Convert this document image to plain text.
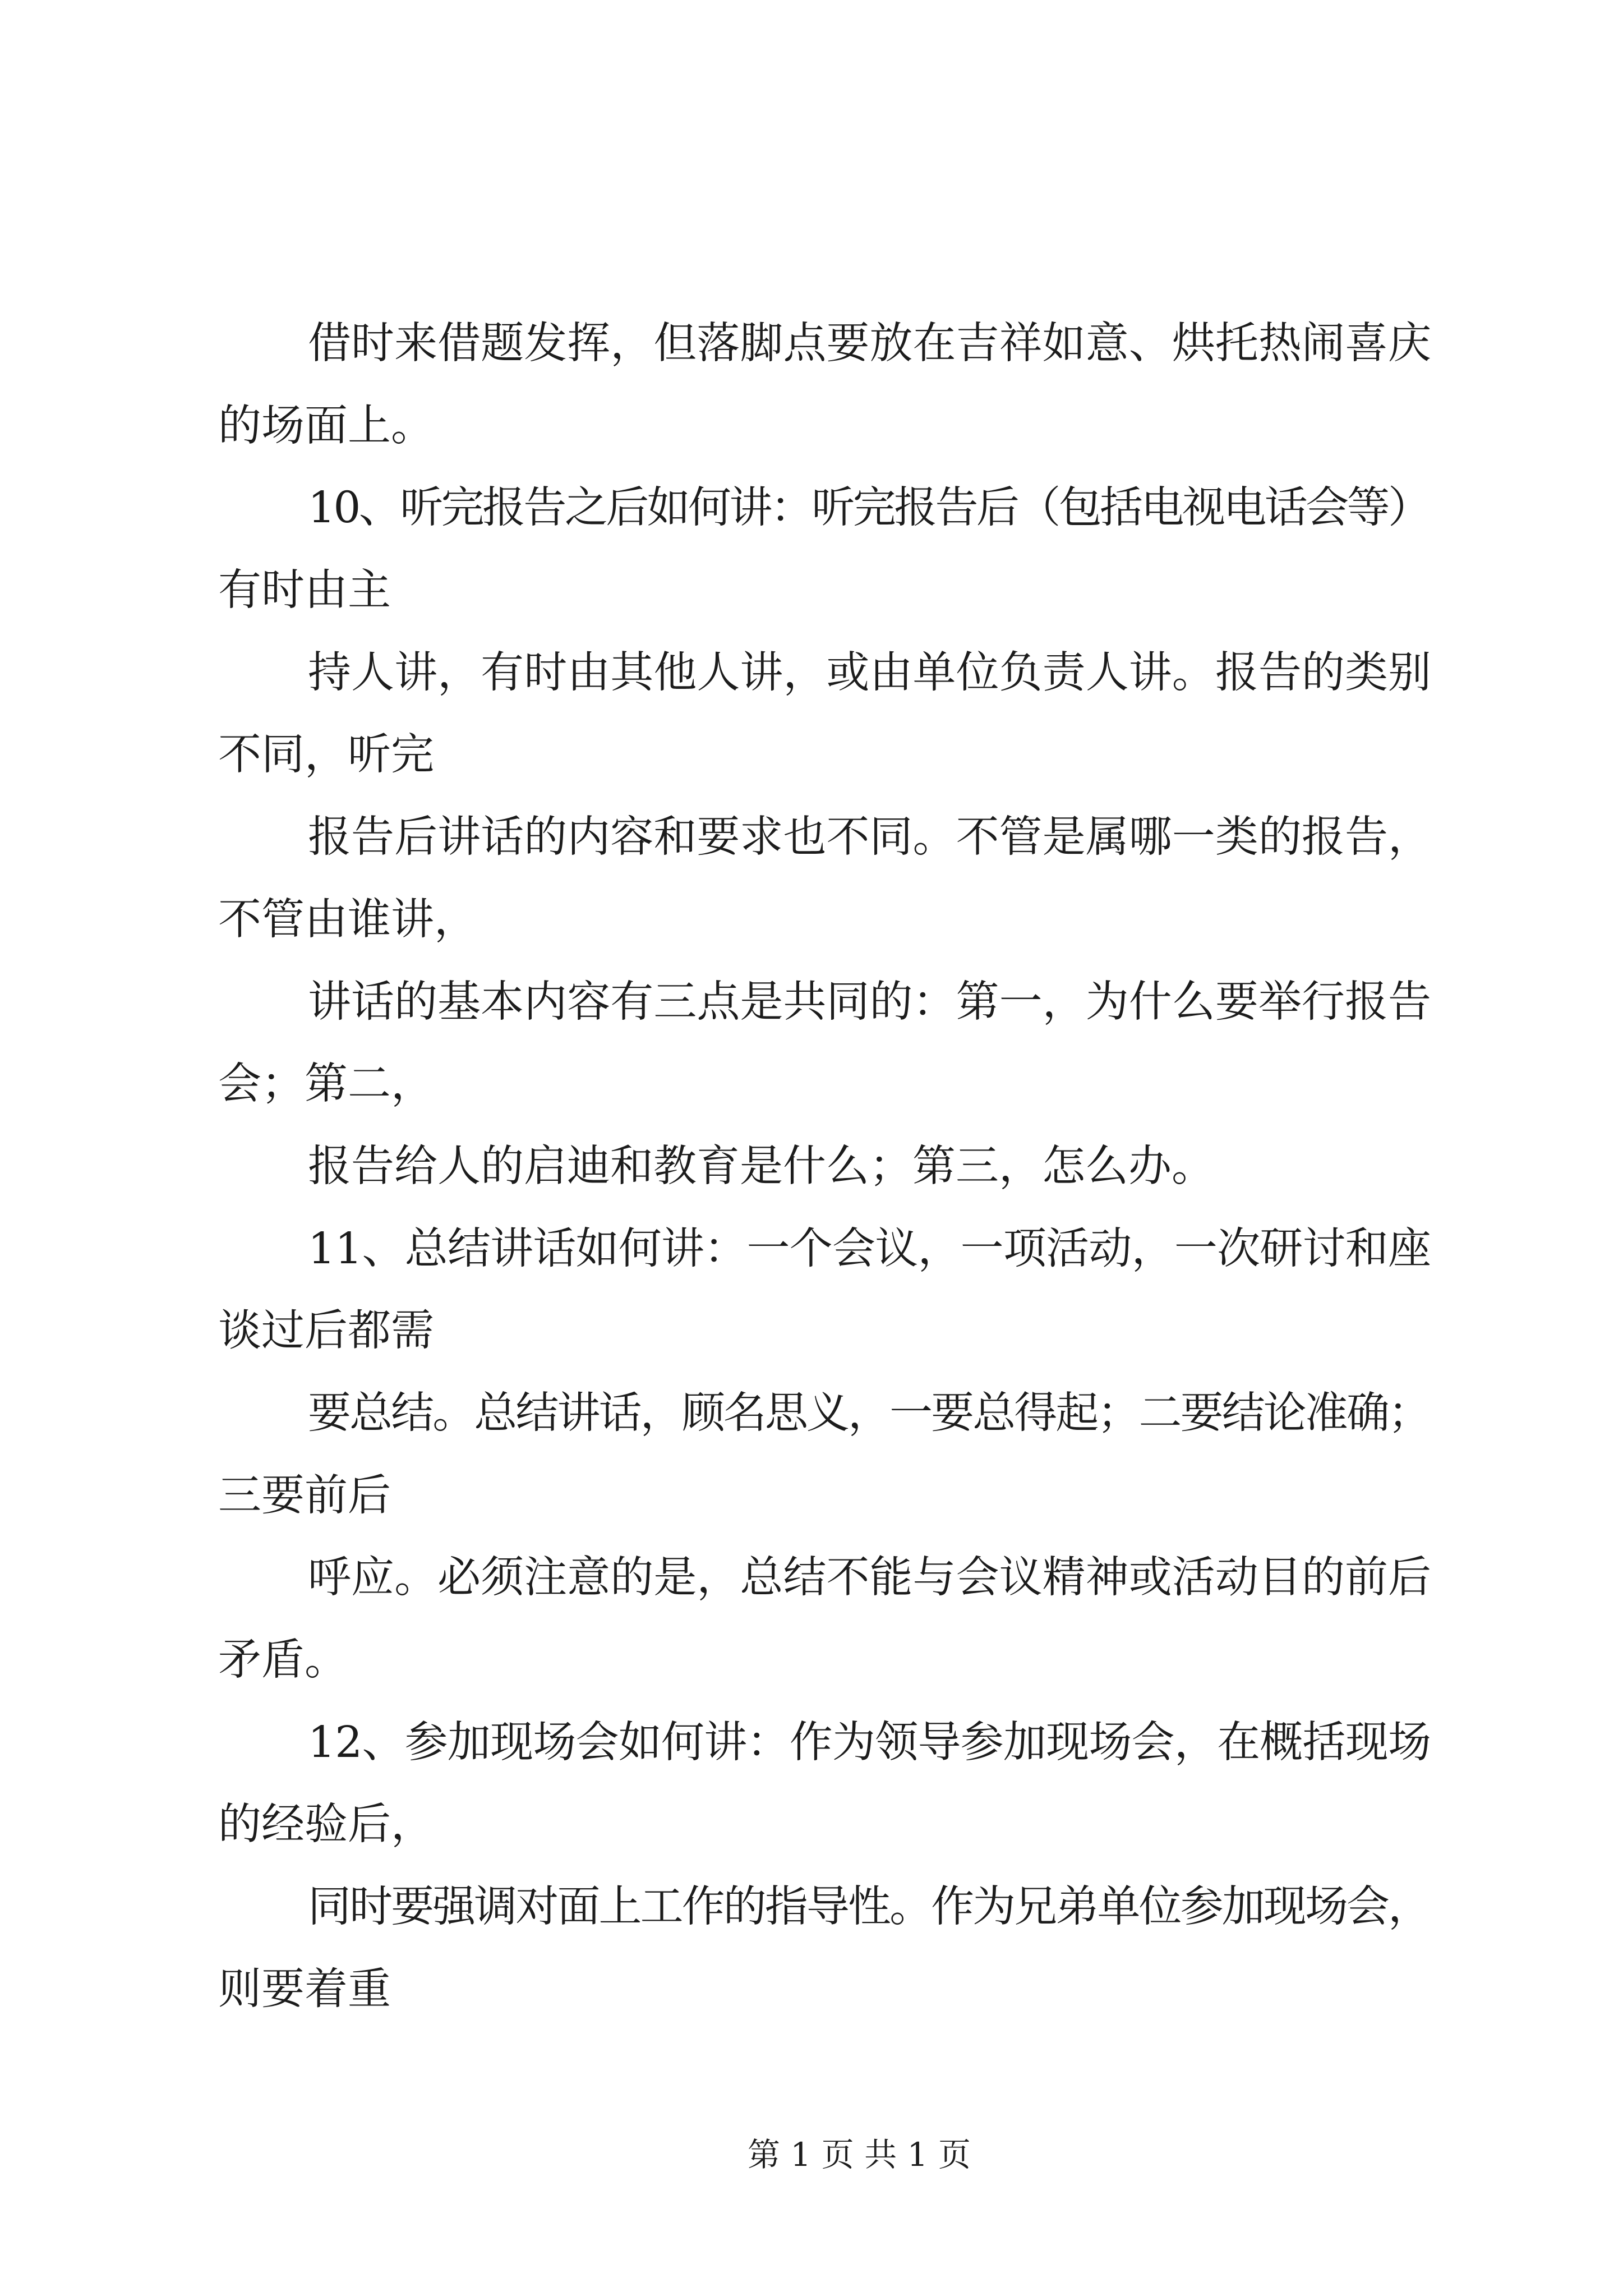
借时来借题发挥，但落脚点要放在吉祥如意、烘托热闹喜庆
的场面上。
10、听完报告之后如何讲：听完报告后（包括电视电话会等）
有时由主
持人讲，有时由其他人讲，或由单位负责人讲。报告的类别
不同，听完
报告后讲话的内容和要求也不同。不管是属哪一类的报告，
不管由谁讲，
讲话的基本内容有三点是共同的：第一，为什么要举行报告
会；第二，
报告给人的启迪和教育是什么；第三，怎么办。
11、总结讲话如何讲：一个会议，一项活动，一次研讨和座
谈过后都需
要总结。总结讲话，顾名思义，一要总得起；二要结论准确；
三要前后
呼应。必须注意的是，总结不能与会议精神或活动目的前后
矛盾。
12、参加现场会如何讲：作为领导参加现场会，在概括现场
的经验后，
同时要强调对面上工作的指导性。作为兄弟单位参加现场会，
则要着重
第 1 页 共 1 页
